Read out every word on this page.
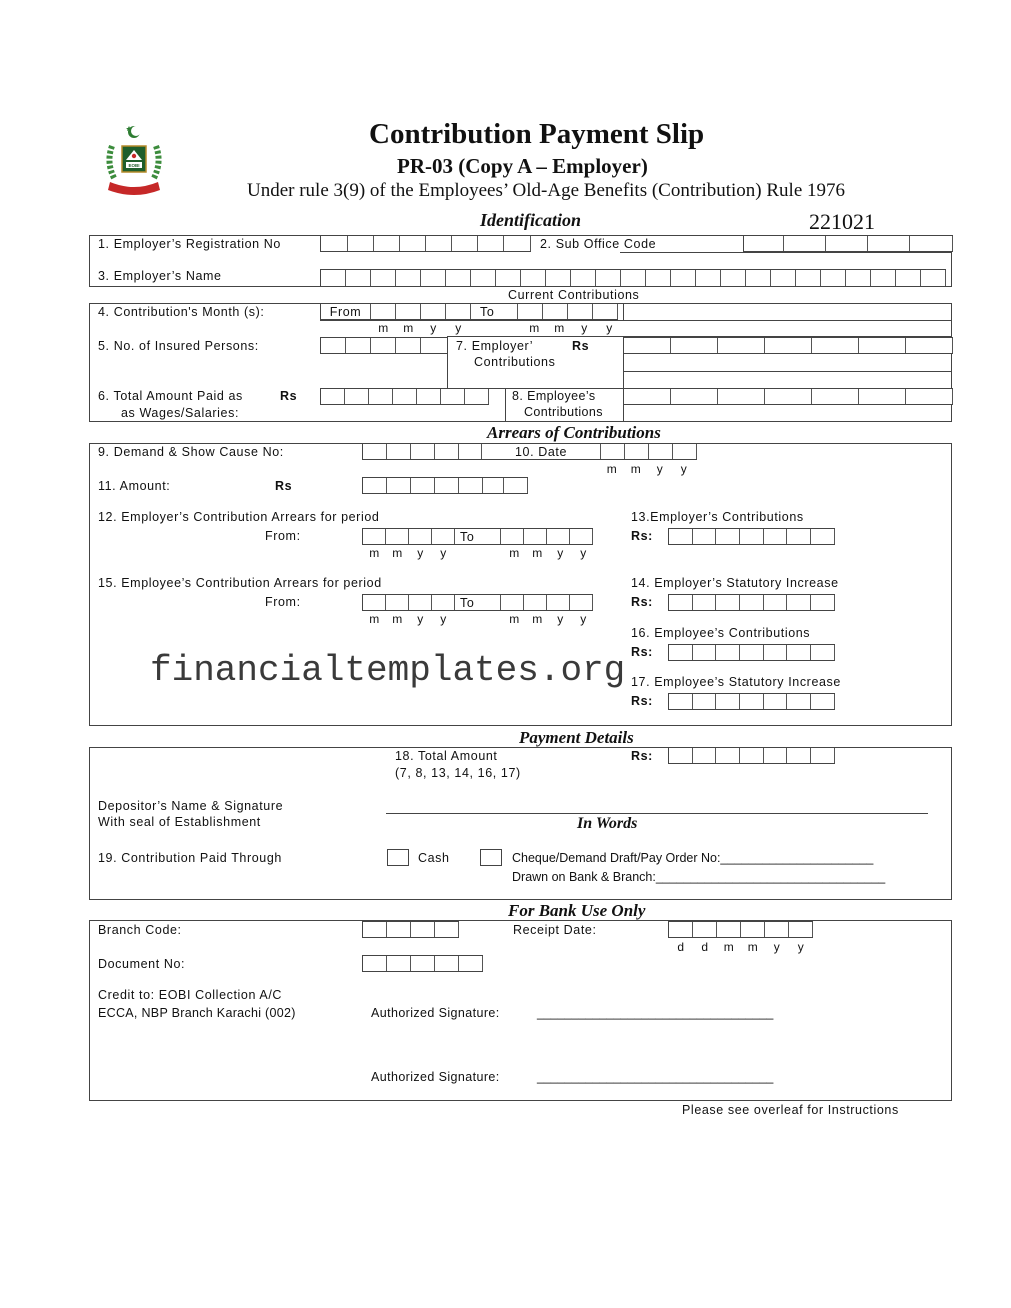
EOBI
Contribution Payment Slip
PR-03 (Copy A – Employer)
Under rule 3(9) of the Employees’ Old-Age Benefits (Contribution) Rule 1976
Identification	221021
1. Employer’s Registration No	2. Sub Office Code
3. Employer’s Name
Current Contributions
4. Contribution's Month (s):	From	To
m	m	y	y	m	m	y	y
5. No. of Insured Persons:	7. Employer’	Rs
Contributions
6. Total Amount Paid as	Rs
as Wages/Salaries:
8. Employee’s
Contributions
Arrears of Contributions
9. Demand & Show Cause No:	10. Date
m	m	y	y
11. Amount:	Rs
12. Employer’s Contribution Arrears for period
From:	To
m	m	y	y	m	m	y	y
13.Employer’s Contributions
Rs:
15. Employee’s Contribution Arrears for period
From:	To
m	m	y	y	m	m	y	y
14. Employer’s Statutory Increase
Rs:
16. Employee’s Contributions
Rs:
17. Employee’s Statutory Increase
Rs:
financialtemplates.org
Payment Details
18. Total Amount
(7, 8, 13, 14, 16, 17)
Rs:
Depositor’s Name & Signature
With seal of Establishment	In Words
19. Contribution Paid Through	Cash	Cheque/Demand Draft/Pay Order No:______________________
Drawn on Bank & Branch:_________________________________
For Bank Use Only
Branch Code:	Receipt Date:
d	d	m	m	y	y
Document No:
Credit to: EOBI Collection A/C
ECCA, NBP Branch Karachi (002)	Authorized Signature:	__________________________________
Authorized Signature:	__________________________________
Please see overleaf for Instructions
